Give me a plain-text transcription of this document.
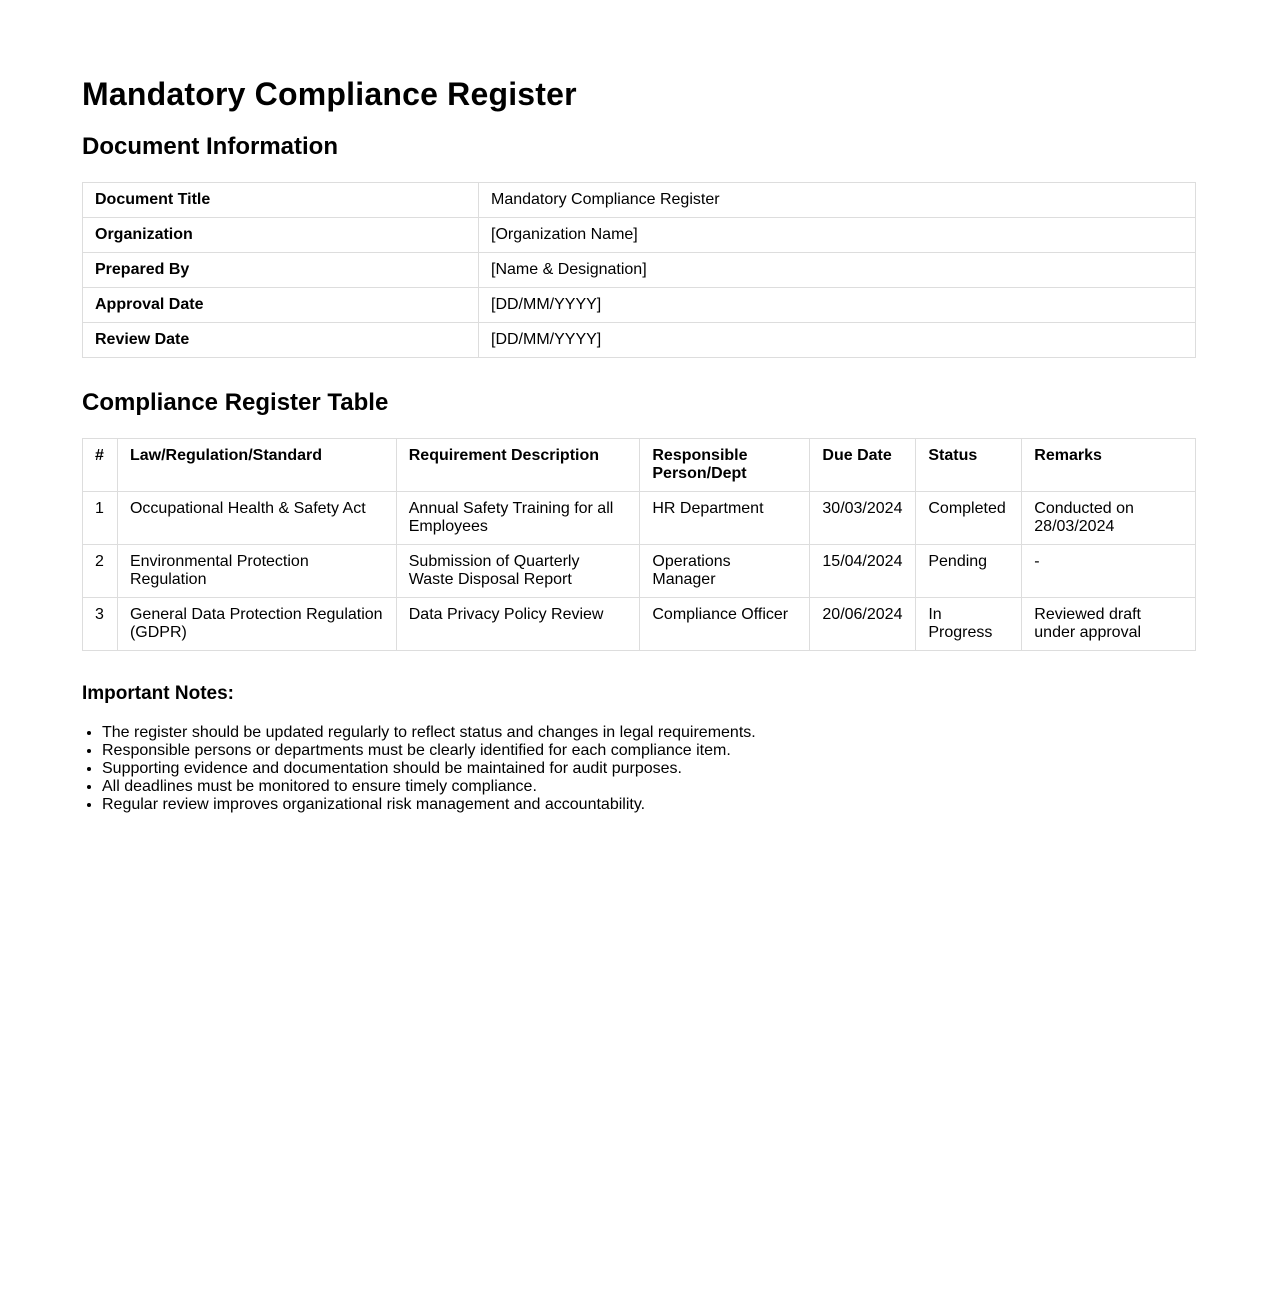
Mandatory Compliance Register
Document Information
Document Title	Mandatory Compliance Register
Organization	[Organization Name]
Prepared By	[Name & Designation]
Approval Date	[DD/MM/YYYY]
Review Date	[DD/MM/YYYY]
Compliance Register Table
#	Law/Regulation/Standard	Requirement Description	Responsible Person/Dept	Due Date	Status	Remarks
1	Occupational Health & Safety Act	Annual Safety Training for all Employees	HR Department	30/03/2024	Completed	Conducted on 28/03/2024
2	Environmental Protection Regulation	Submission of Quarterly Waste Disposal Report	Operations Manager	15/04/2024	Pending	-
3	General Data Protection Regulation (GDPR)	Data Privacy Policy Review	Compliance Officer	20/06/2024	In Progress	Reviewed draft under approval
Important Notes:
• The register should be updated regularly to reflect status and changes in legal requirements.
• Responsible persons or departments must be clearly identified for each compliance item.
• Supporting evidence and documentation should be maintained for audit purposes.
• All deadlines must be monitored to ensure timely compliance.
• Regular review improves organizational risk management and accountability.
